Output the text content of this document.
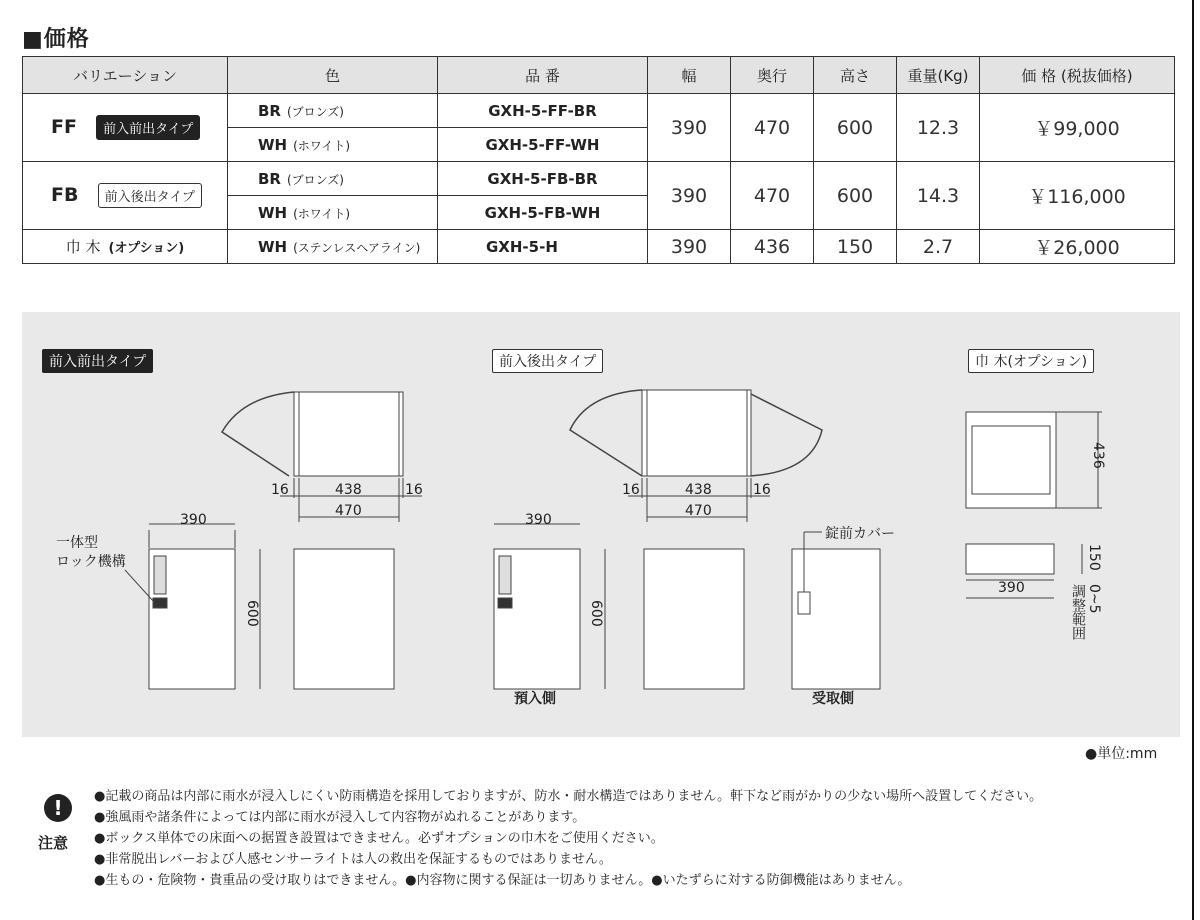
■価格
バリエーション	色	品 番	幅	奥行	高さ	重量(Kg)	価 格 (税抜価格)
FF 前入前出タイプ	BR (ブロンズ)	GXH-5-FF-BR	390	470	600	12.3	￥99,000
	WH (ホワイト)	GXH-5-FF-WH					
FB 前入後出タイプ	BR (ブロンズ)	GXH-5-FB-BR	390	470	600	14.3	￥116,000
	WH (ホワイト)	GXH-5-FB-WH					
巾 木 (オプション)	WH (ステンレスヘアライン)	GXH-5-H	390	436	150	2.7	￥26,000
前入前出タイプ	前入後出タイプ	巾 木(オプション)
16	438	16
470
16	438	16
470
390	390
600	600
一体型
ロック機構
錠前カバー
預入側	受取側
436
390
150
調整範囲 0~5
●単位:mm
!
注意
●記載の商品は内部に雨水が浸入しにくい防雨構造を採用しておりますが、防水・耐水構造ではありません。軒下など雨がかりの少ない場所へ設置してください。
●強風雨や諸条件によっては内部に雨水が浸入して内容物がぬれることがあります。
●ボックス単体での床面への据置き設置はできません。必ずオプションの巾木をご使用ください。
●非常脱出レバーおよび人感センサーライトは人の救出を保証するものではありません。
●生もの・危険物・貴重品の受け取りはできません。●内容物に関する保証は一切ありません。●いたずらに対する防御機能はありません。
